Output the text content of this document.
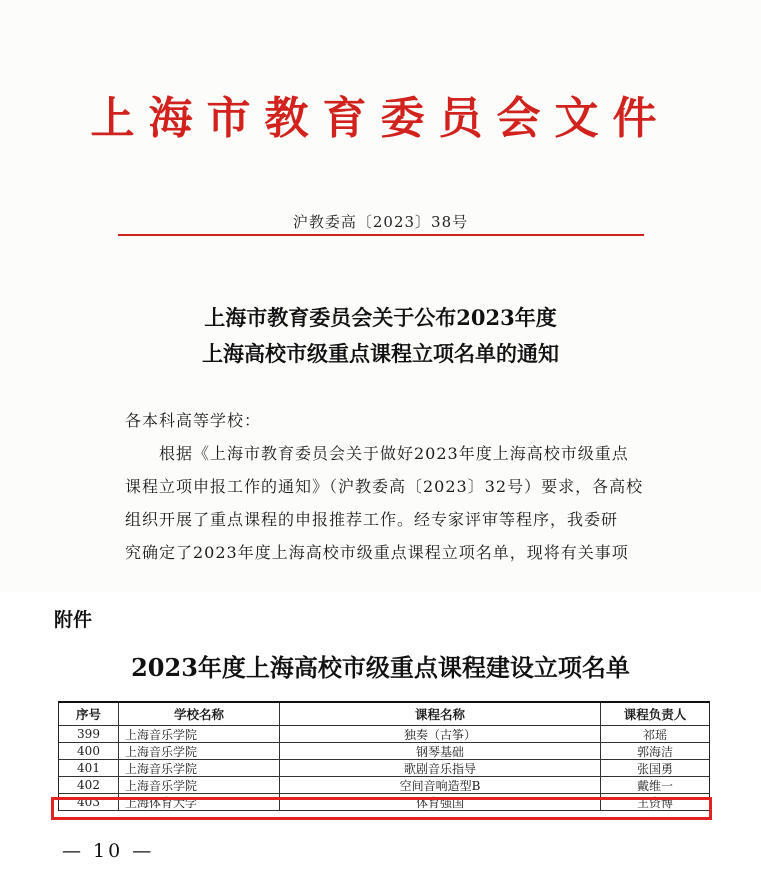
上海市教育委员会文件
沪教委高〔2023〕38号
上海市教育委员会关于公布2023年度
上海高校市级重点课程立项名单的通知
各本科高等学校：
根据《上海市教育委员会关于做好2023年度上海高校市级重点
课程立项申报工作的通知》（沪教委高〔2023〕32号）要求，各高校
组织开展了重点课程的申报推荐工作。经专家评审等程序，我委研
究确定了2023年度上海高校市级重点课程立项名单，现将有关事项
附件
2023年度上海高校市级重点课程建设立项名单
序号	学校名称	课程名称	课程负责人
399	上海音乐学院	独奏（古筝）	祁瑶
400	上海音乐学院	钢琴基础	郭海洁
401	上海音乐学院	歌剧音乐指导	张国勇
402	上海音乐学院	空间音响造型B	戴维一
403	上海体育大学	体育强国	王资博
— 10 —
